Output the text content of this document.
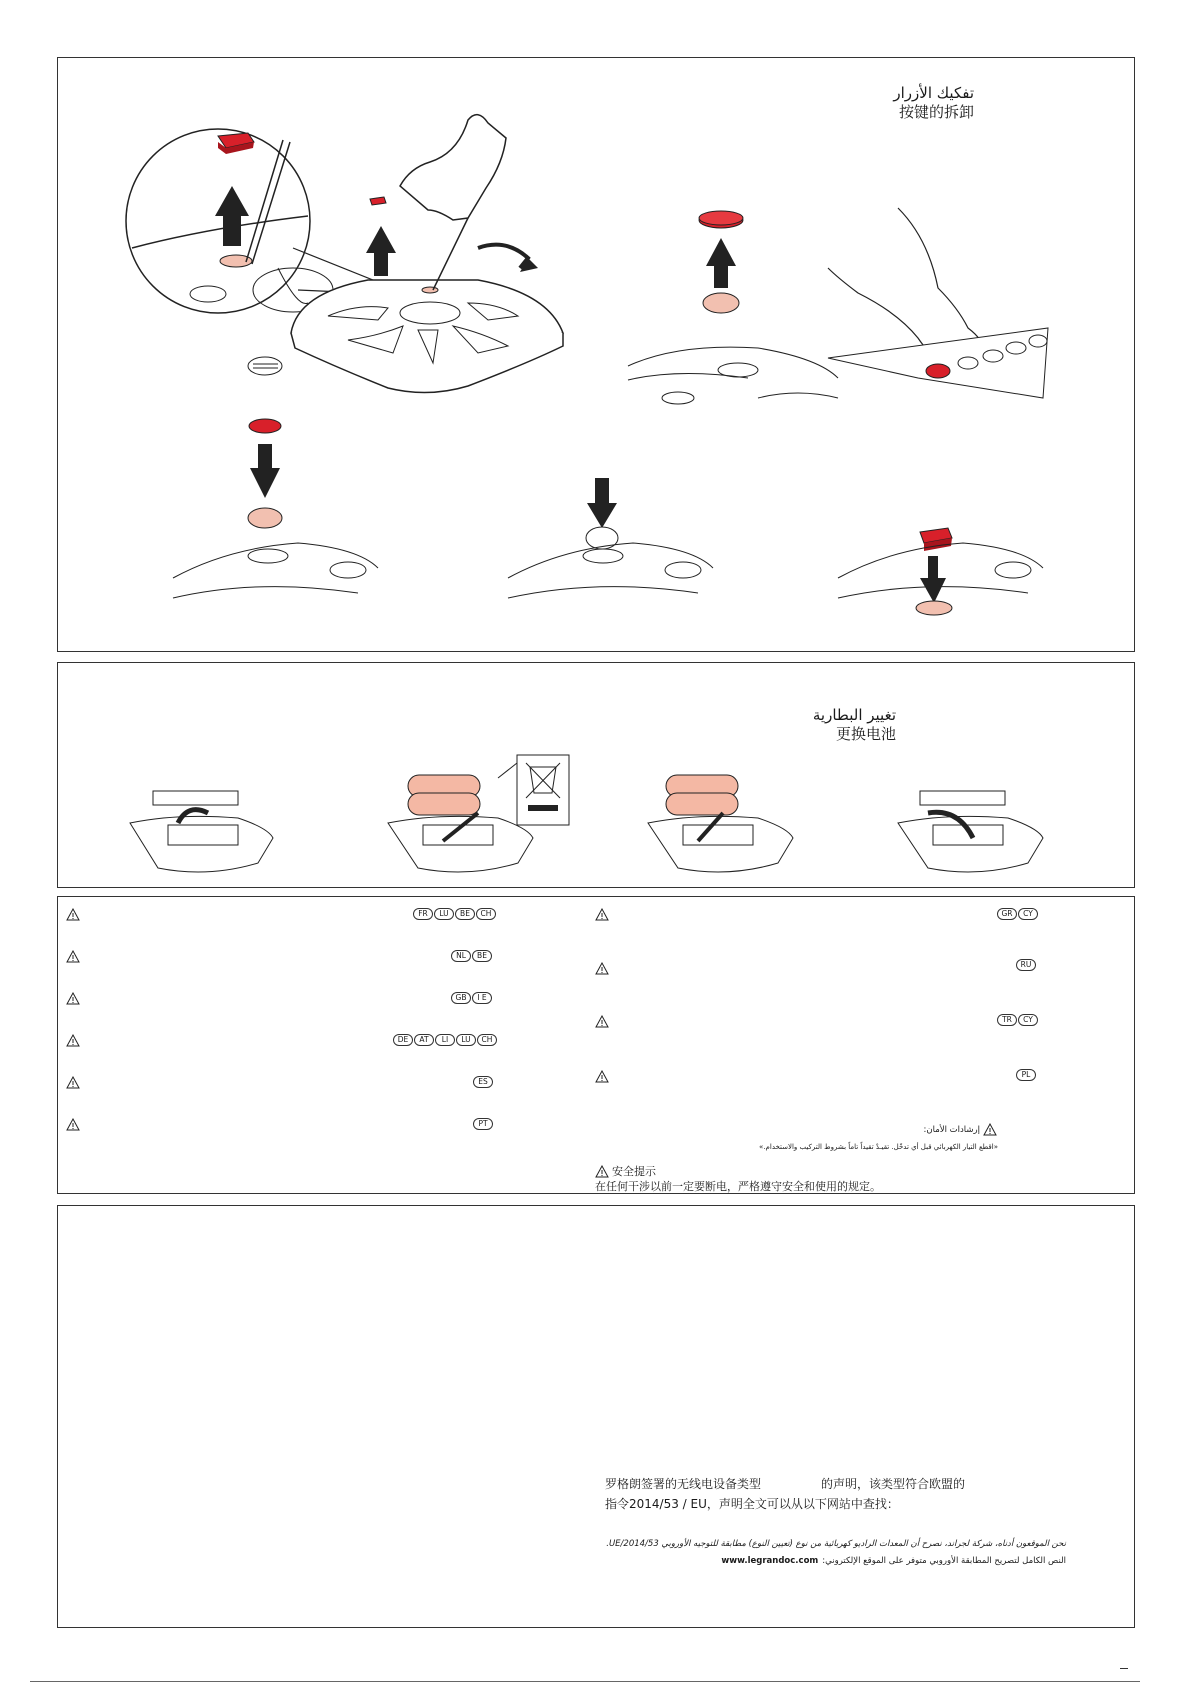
تفكيك الأزرار
按键的拆卸
تغيير البطارية
更换电池
FR	LU	BE	CH
NL	BE
GB	I E
DE	AT	LI	LU	CH
ES
PT
GR	CY
RU
TR	CY
PL
إرشادات الأمان:
«اقطع التيار الكهربائي قبل أي تدخّل. تقيـدْ تقيداً تاماً بشروط التركيب والاستخدام.»
安全提示
在任何干涉以前一定要断电，严格遵守安全和使用的规定。
罗格朗签署的无线电设备类型	的声明，该类型符合欧盟的
指令2014/53 / EU，声明全文可以从以下网站中查找：
نحن الموقعون أدناه، شركة لجراند، نصرح أن المعدات الراديو كهربائية من نوع (تعيين النوع) مطابقة للتوجيه الأوروبي 2014/53/UE.
www.legrandoc.com النص الكامل لتصريح المطابقة الأوروبي متوفر على الموقع الإلكتروني:
